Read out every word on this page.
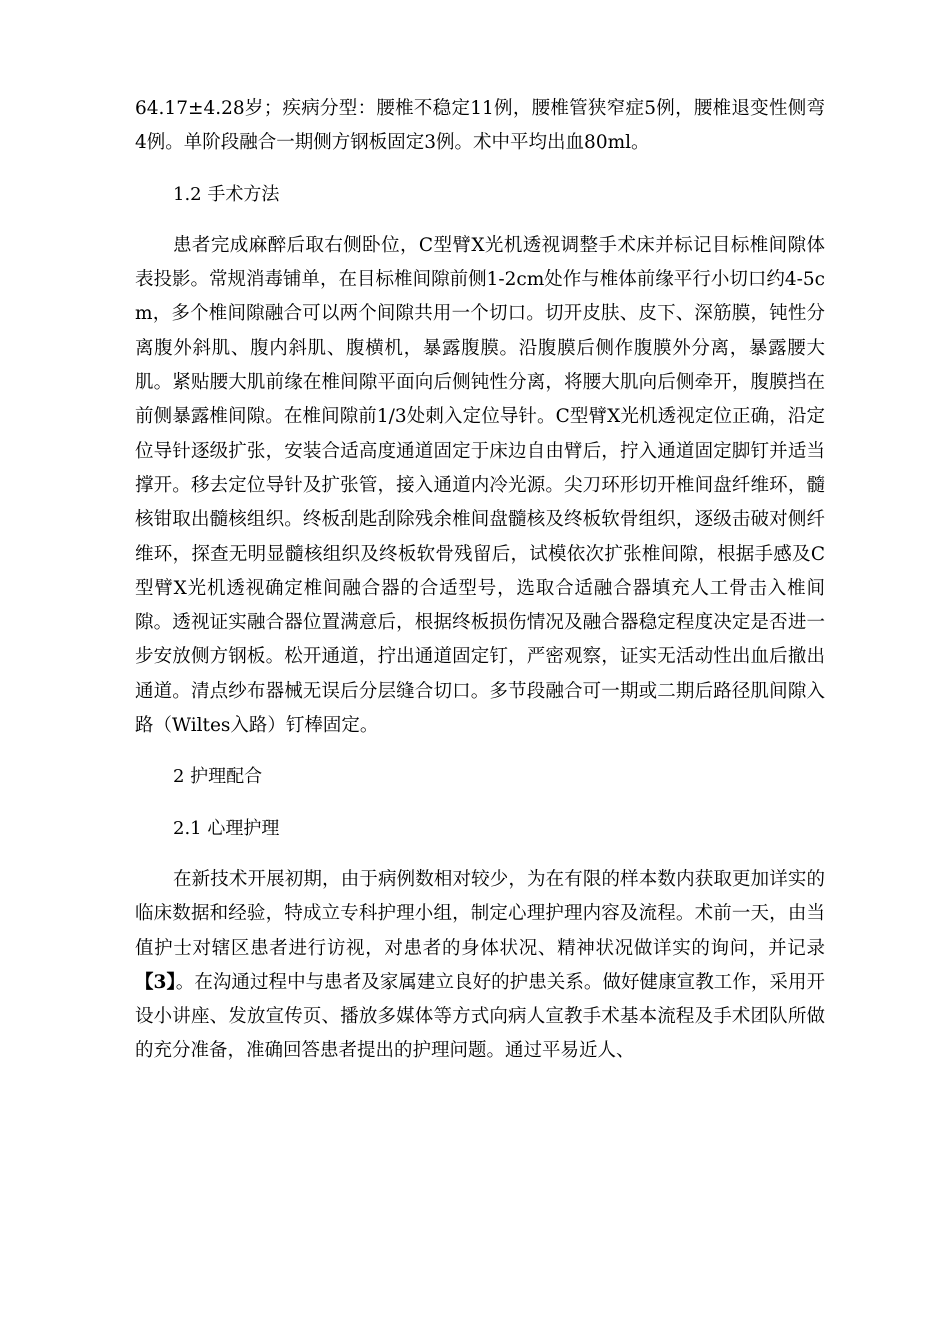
64.17±4.28岁；疾病分型：腰椎不稳定11例，腰椎管狭窄症5例，腰椎退变性侧弯4例。单阶段融合一期侧方钢板固定3例。术中平均出血80ml。

1.2 手术方法

患者完成麻醉后取右侧卧位，C型臂X光机透视调整手术床并标记目标椎间隙体表投影。常规消毒铺单，在目标椎间隙前侧1-2cm处作与椎体前缘平行小切口约4-5cm，多个椎间隙融合可以两个间隙共用一个切口。切开皮肤、皮下、深筋膜，钝性分离腹外斜肌、腹内斜肌、腹横机，暴露腹膜。沿腹膜后侧作腹膜外分离，暴露腰大肌。紧贴腰大肌前缘在椎间隙平面向后侧钝性分离，将腰大肌向后侧牵开，腹膜挡在前侧暴露椎间隙。在椎间隙前1/3处刺入定位导针。C型臂X光机透视定位正确，沿定位导针逐级扩张，安装合适高度通道固定于床边自由臂后，拧入通道固定脚钉并适当撑开。移去定位导针及扩张管，接入通道内冷光源。尖刀环形切开椎间盘纤维环，髓核钳取出髓核组织。终板刮匙刮除残余椎间盘髓核及终板软骨组织，逐级击破对侧纤维环，探查无明显髓核组织及终板软骨残留后，试模依次扩张椎间隙，根据手感及C型臂X光机透视确定椎间融合器的合适型号，选取合适融合器填充人工骨击入椎间隙。透视证实融合器位置满意后，根据终板损伤情况及融合器稳定程度决定是否进一步安放侧方钢板。松开通道，拧出通道固定钉，严密观察，证实无活动性出血后撤出通道。清点纱布器械无误后分层缝合切口。多节段融合可一期或二期后路径肌间隙入路（Wiltes入路）钉棒固定。

2 护理配合

2.1 心理护理

在新技术开展初期，由于病例数相对较少，为在有限的样本数内获取更加详实的临床数据和经验，特成立专科护理小组，制定心理护理内容及流程。术前一天，由当值护士对辖区患者进行访视，对患者的身体状况、精神状况做详实的询问，并记录【3】。在沟通过程中与患者及家属建立良好的护患关系。做好健康宣教工作，采用开设小讲座、发放宣传页、播放多媒体等方式向病人宣教手术基本流程及手术团队所做的充分准备，准确回答患者提出的护理问题。通过平易近人、
